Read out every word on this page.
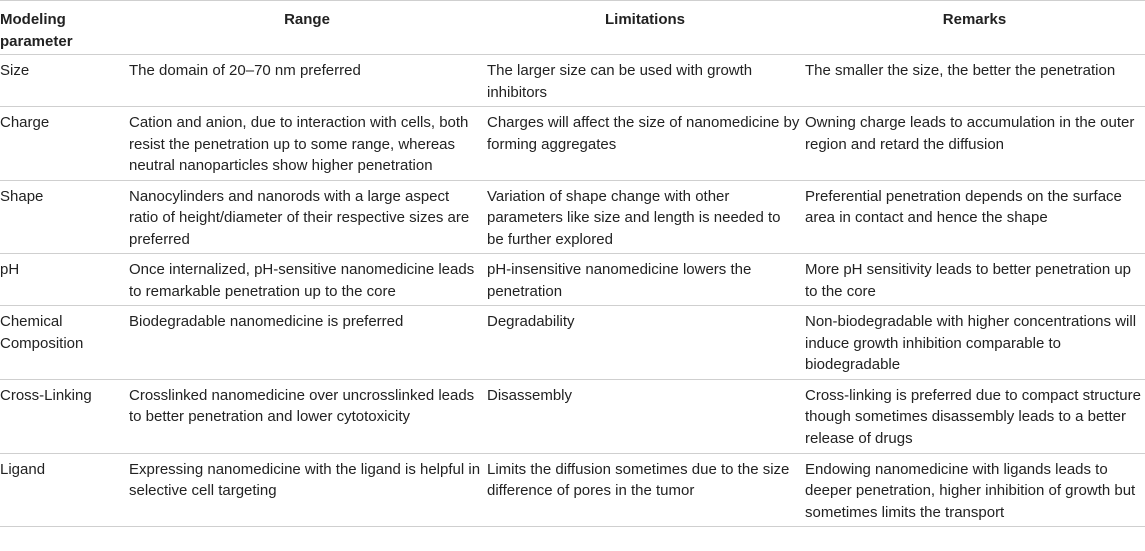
Modeling parameter	Range	Limitations	Remarks
Size	The domain of 20–70 nm preferred	The larger size can be used with growth inhibitors	The smaller the size, the better the penetration
Charge	Cation and anion, due to interaction with cells, both resist the penetration up to some range, whereas neutral nanoparticles show higher penetration	Charges will affect the size of nanomedicine by forming aggregates	Owning charge leads to accumulation in the outer region and retard the diffusion
Shape	Nanocylinders and nanorods with a large aspect ratio of height/diameter of their respective sizes are preferred	Variation of shape change with other parameters like size and length is needed to be further explored	Preferential penetration depends on the surface area in contact and hence the shape
pH	Once internalized, pH-sensitive nanomedicine leads to remarkable penetration up to the core	pH-insensitive nanomedicine lowers the penetration	More pH sensitivity leads to better penetration up to the core
Chemical Composition	Biodegradable nanomedicine is preferred	Degradability	Non-biodegradable with higher concentrations will induce growth inhibition comparable to biodegradable
Cross-Linking	Crosslinked nanomedicine over uncrosslinked leads to better penetration and lower cytotoxicity	Disassembly	Cross-linking is preferred due to compact structure though sometimes disassembly leads to a better release of drugs
Ligand	Expressing nanomedicine with the ligand is helpful in selective cell targeting	Limits the diffusion sometimes due to the size difference of pores in the tumor	Endowing nanomedicine with ligands leads to deeper penetration, higher inhibition of growth but sometimes limits the transport
